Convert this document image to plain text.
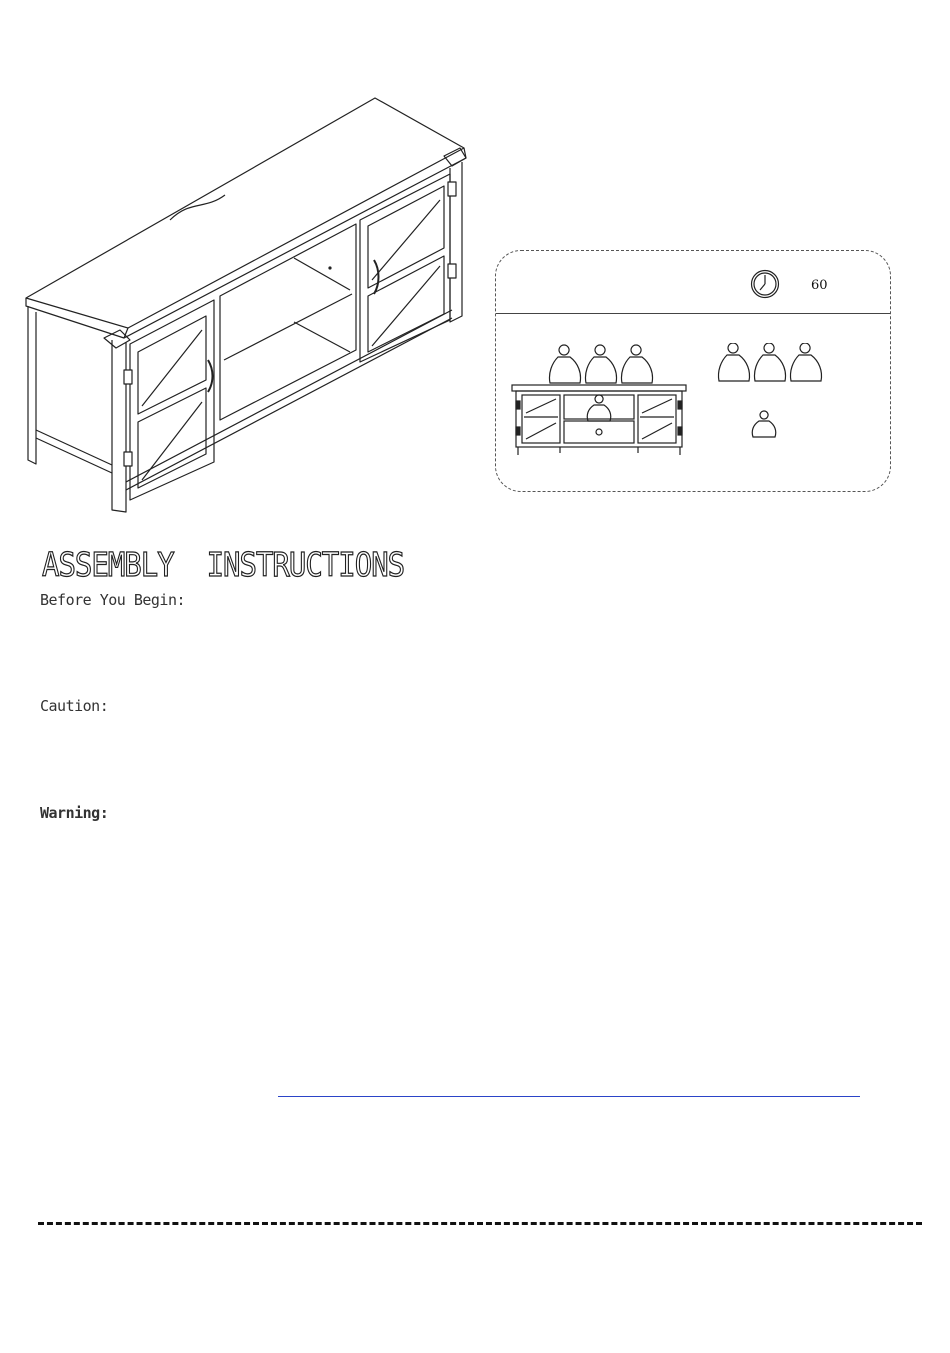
60
ASSEMBLY  INSTRUCTIONS
Before You Begin:
Caution:
Warning:
